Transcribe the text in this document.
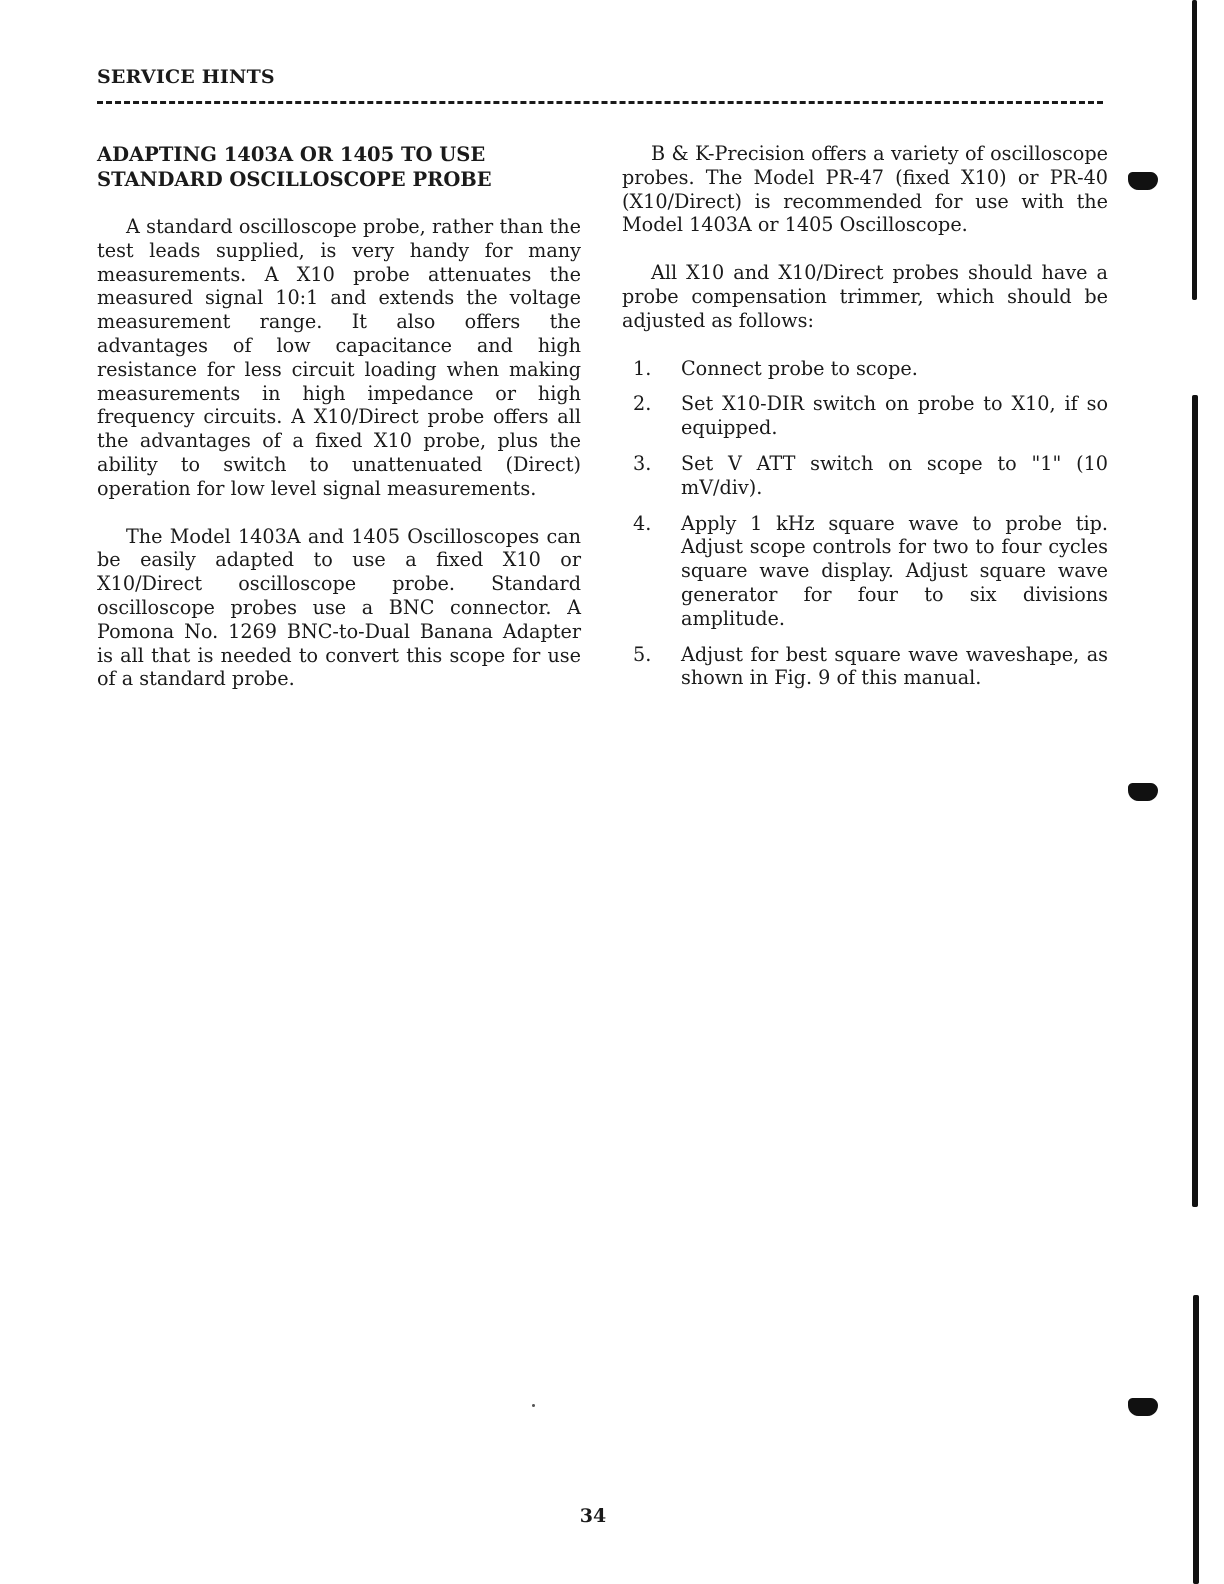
SERVICE HINTS
ADAPTING 1403A OR 1405 TO USE
STANDARD OSCILLOSCOPE PROBE

A standard oscilloscope probe, rather than the test leads supplied, is very handy for many measurements. A X10 probe attenuates the measured signal 10:1 and extends the voltage measurement range. It also offers the advantages of low capacitance and high resistance for less circuit loading when making measurements in high impedance or high frequency circuits. A X10/Direct probe offers all the advantages of a fixed X10 probe, plus the ability to switch to unattenuated (Direct) operation for low level signal measurements.

The Model 1403A and 1405 Oscilloscopes can be easily adapted to use a fixed X10 or X10/Direct oscilloscope probe. Standard oscilloscope probes use a BNC connector. A Pomona No. 1269 BNC-to-Dual Banana Adapter is all that is needed to convert this scope for use of a standard probe.

B & K-Precision offers a variety of oscilloscope probes. The Model PR-47 (fixed X10) or PR-40 (X10/Direct) is recommended for use with the Model 1403A or 1405 Oscilloscope.

All X10 and X10/Direct probes should have a probe compensation trimmer, which should be adjusted as follows:

1.	Connect probe to scope.
2.	Set X10-DIR switch on probe to X10, if so equipped.
3.	Set V ATT switch on scope to "1" (10 mV/div).
4.	Apply 1 kHz square wave to probe tip. Adjust scope controls for two to four cycles square wave display. Adjust square wave generator for four to six divisions amplitude.
5.	Adjust for best square wave waveshape, as shown in Fig. 9 of this manual.
34
